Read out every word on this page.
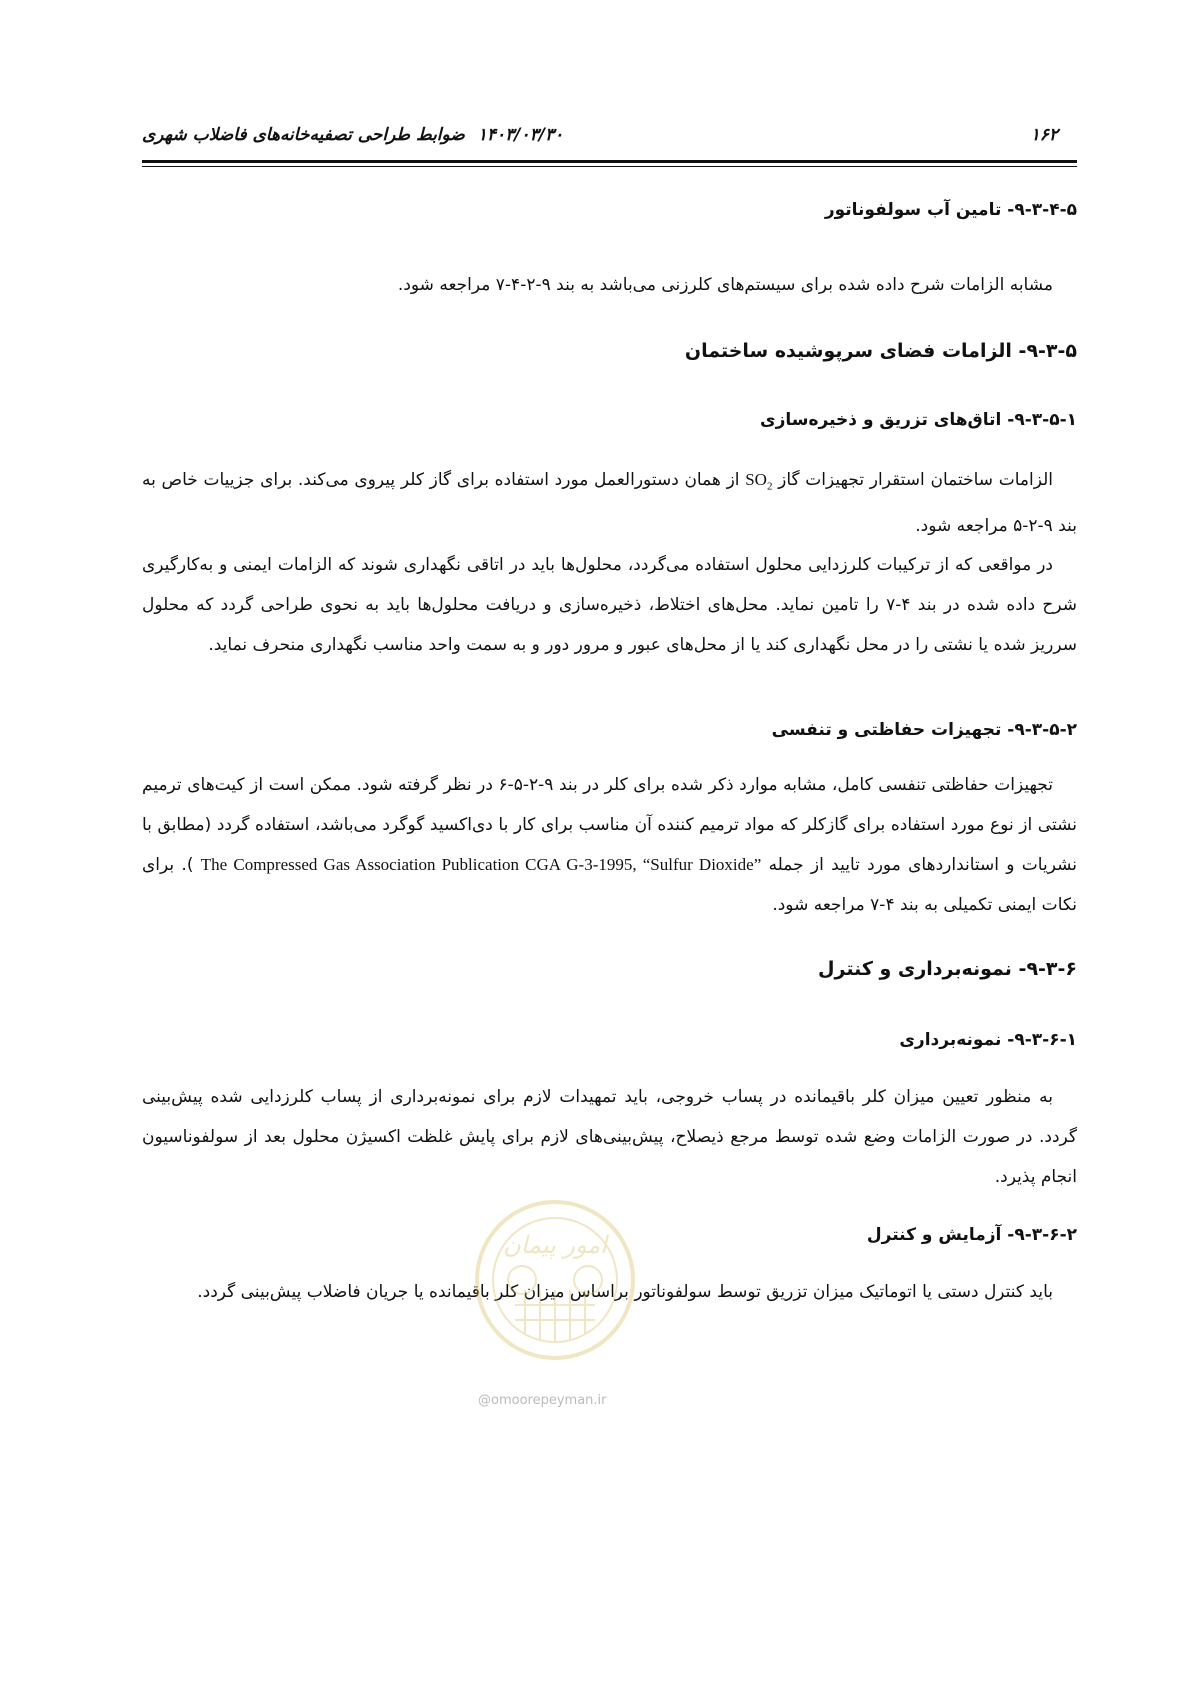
۱۶۲
۱۴۰۳/۰۳/۳۰
ضوابط طراحی تصفیه‌خانه‌های فاضلاب شهری
۹-۳-۴-۵- تامین آب سولفوناتور

مشابه الزامات شرح داده شده برای سیستم‌های کلرزنی می‌باشد به بند ۹-۲-۴-۷ مراجعه شود.

۹-۳-۵- الزامات فضای سرپوشیده ساختمان
۹-۳-۵-۱- اتاق‌های تزریق و ذخیره‌سازی

الزامات ساختمان استقرار تجهیزات گاز $SO_2$ از همان دستورالعمل مورد استفاده برای گاز کلر پیروی می‌کند. برای جزییات خاص به بند ۹-۲-۵ مراجعه شود.

در مواقعی که از ترکیبات کلرزدایی محلول استفاده می‌گردد، محلول‌ها باید در اتاقی نگهداری شوند که الزامات ایمنی و به‌کارگیری شرح داده شده در بند ۴-۷ را تامین نماید. محل‌های اختلاط، ذخیره‌سازی و دریافت محلول‌ها باید به نحوی طراحی گردد که محلول سرریز شده یا نشتی را در محل نگهداری کند یا از محل‌های عبور و مرور دور و به سمت واحد مناسب نگهداری منحرف نماید.

۹-۳-۵-۲- تجهیزات حفاظتی و تنفسی

تجهیزات حفاظتی تنفسی کامل، مشابه موارد ذکر شده برای کلر در بند ۹-۲-۵-۶ در نظر گرفته شود. ممکن است از کیت‌های ترمیم نشتی از نوع مورد استفاده برای گازکلر که مواد ترمیم کننده آن مناسب برای کار با دی‌اکسید گوگرد می‌باشد، استفاده گردد (مطابق با نشریات و استانداردهای مورد تایید از جمله The Compressed Gas Association Publication CGA G-3-1995, “Sulfur Dioxide” ). برای نکات ایمنی تکمیلی به بند ۴-۷ مراجعه شود.

۹-۳-۶- نمونه‌برداری و کنترل
۹-۳-۶-۱- نمونه‌برداری

به منظور تعیین میزان کلر باقیمانده در پساب خروجی، باید تمهیدات لازم برای نمونه‌برداری از پساب کلرزدایی شده پیش‌بینی گردد. در صورت الزامات وضع شده توسط مرجع ذیصلاح، پیش‌بینی‌های لازم برای پایش غلظت اکسیژن محلول بعد از سولفوناسیون انجام پذیرد.

۹-۳-۶-۲- آزمایش و کنترل

باید کنترل دستی یا اتوماتیک میزان تزریق توسط سولفوناتور براساس میزان کلر باقیمانده یا جریان فاضلاب پیش‌بینی گردد.

امور پیمان
@omoorepeyman.ir
